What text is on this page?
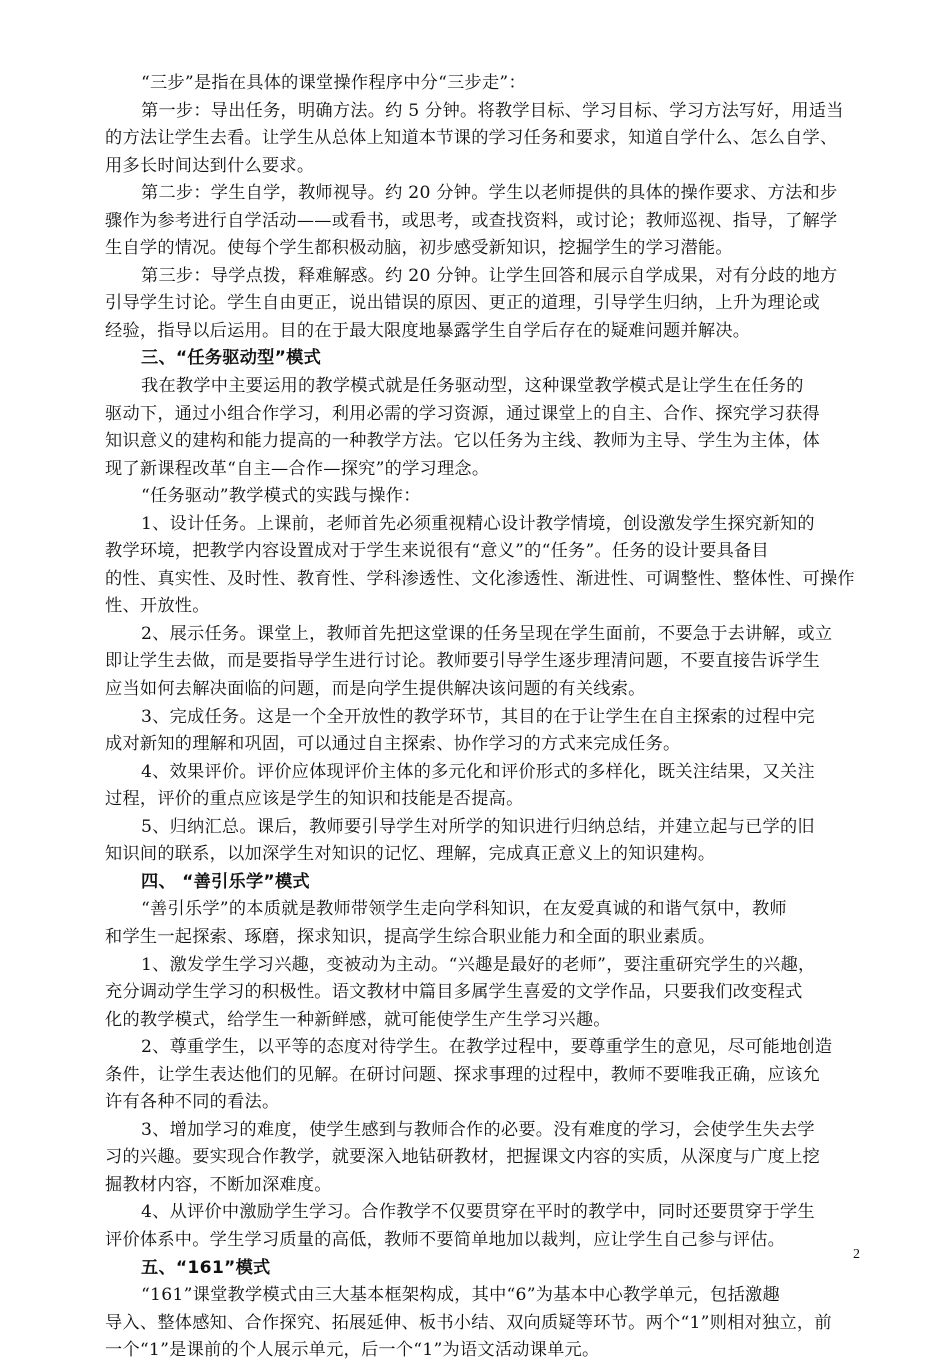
“三步”是指在具体的课堂操作程序中分“三步走”：
第一步：导出任务，明确方法。约 5 分钟。将教学目标、学习目标、学习方法写好，用适当
的方法让学生去看。让学生从总体上知道本节课的学习任务和要求，知道自学什么、怎么自学、
用多长时间达到什么要求。
第二步：学生自学，教师视导。约 20 分钟。学生以老师提供的具体的操作要求、方法和步
骤作为参考进行自学活动——或看书，或思考，或查找资料，或讨论；教师巡视、指导，了解学
生自学的情况。使每个学生都积极动脑，初步感受新知识，挖掘学生的学习潜能。
第三步：导学点拨，释难解惑。约 20 分钟。让学生回答和展示自学成果，对有分歧的地方
引导学生讨论。学生自由更正，说出错误的原因、更正的道理，引导学生归纳，上升为理论或
经验，指导以后运用。目的在于最大限度地暴露学生自学后存在的疑难问题并解决。
三、“任务驱动型”模式
我在教学中主要运用的教学模式就是任务驱动型，这种课堂教学模式是让学生在任务的
驱动下，通过小组合作学习，利用必需的学习资源，通过课堂上的自主、合作、探究学习获得
知识意义的建构和能力提高的一种教学方法。它以任务为主线、教师为主导、学生为主体，体
现了新课程改革“自主—合作—探究”的学习理念。
“任务驱动”教学模式的实践与操作：
1、设计任务。上课前，老师首先必须重视精心设计教学情境，创设激发学生探究新知的
教学环境，把教学内容设置成对于学生来说很有“意义”的“任务”。任务的设计要具备目
的性、真实性、及时性、教育性、学科渗透性、文化渗透性、渐进性、可调整性、整体性、可操作
性、开放性。
2、展示任务。课堂上，教师首先把这堂课的任务呈现在学生面前，不要急于去讲解，或立
即让学生去做，而是要指导学生进行讨论。教师要引导学生逐步理清问题，不要直接告诉学生
应当如何去解决面临的问题，而是向学生提供解决该问题的有关线索。
3、完成任务。这是一个全开放性的教学环节，其目的在于让学生在自主探索的过程中完
成对新知的理解和巩固，可以通过自主探索、协作学习的方式来完成任务。
4、效果评价。评价应体现评价主体的多元化和评价形式的多样化，既关注结果，又关注
过程，评价的重点应该是学生的知识和技能是否提高。
5、归纳汇总。课后，教师要引导学生对所学的知识进行归纳总结，并建立起与已学的旧
知识间的联系，以加深学生对知识的记忆、理解，完成真正意义上的知识建构。
四、 “善引乐学”模式
“善引乐学”的本质就是教师带领学生走向学科知识，在友爱真诚的和谐气氛中，教师
和学生一起探索、琢磨，探求知识，提高学生综合职业能力和全面的职业素质。
1、激发学生学习兴趣，变被动为主动。“兴趣是最好的老师”，要注重研究学生的兴趣，
充分调动学生学习的积极性。语文教材中篇目多属学生喜爱的文学作品，只要我们改变程式
化的教学模式，给学生一种新鲜感，就可能使学生产生学习兴趣。
2、尊重学生，以平等的态度对待学生。在教学过程中，要尊重学生的意见，尽可能地创造
条件，让学生表达他们的见解。在研讨问题、探求事理的过程中，教师不要唯我正确，应该允
许有各种不同的看法。
3、增加学习的难度，使学生感到与教师合作的必要。没有难度的学习，会使学生失去学
习的兴趣。要实现合作教学，就要深入地钻研教材，把握课文内容的实质，从深度与广度上挖
掘教材内容，不断加深难度。
4、从评价中激励学生学习。合作教学不仅要贯穿在平时的教学中，同时还要贯穿于学生
评价体系中。学生学习质量的高低，教师不要简单地加以裁判，应让学生自己参与评估。
五、“161”模式
“161”课堂教学模式由三大基本框架构成，其中“6”为基本中心教学单元，包括激趣
导入、整体感知、合作探究、拓展延伸、板书小结、双向质疑等环节。两个“1”则相对独立，前
一个“1”是课前的个人展示单元，后一个“1”为语文活动课单元。
2
